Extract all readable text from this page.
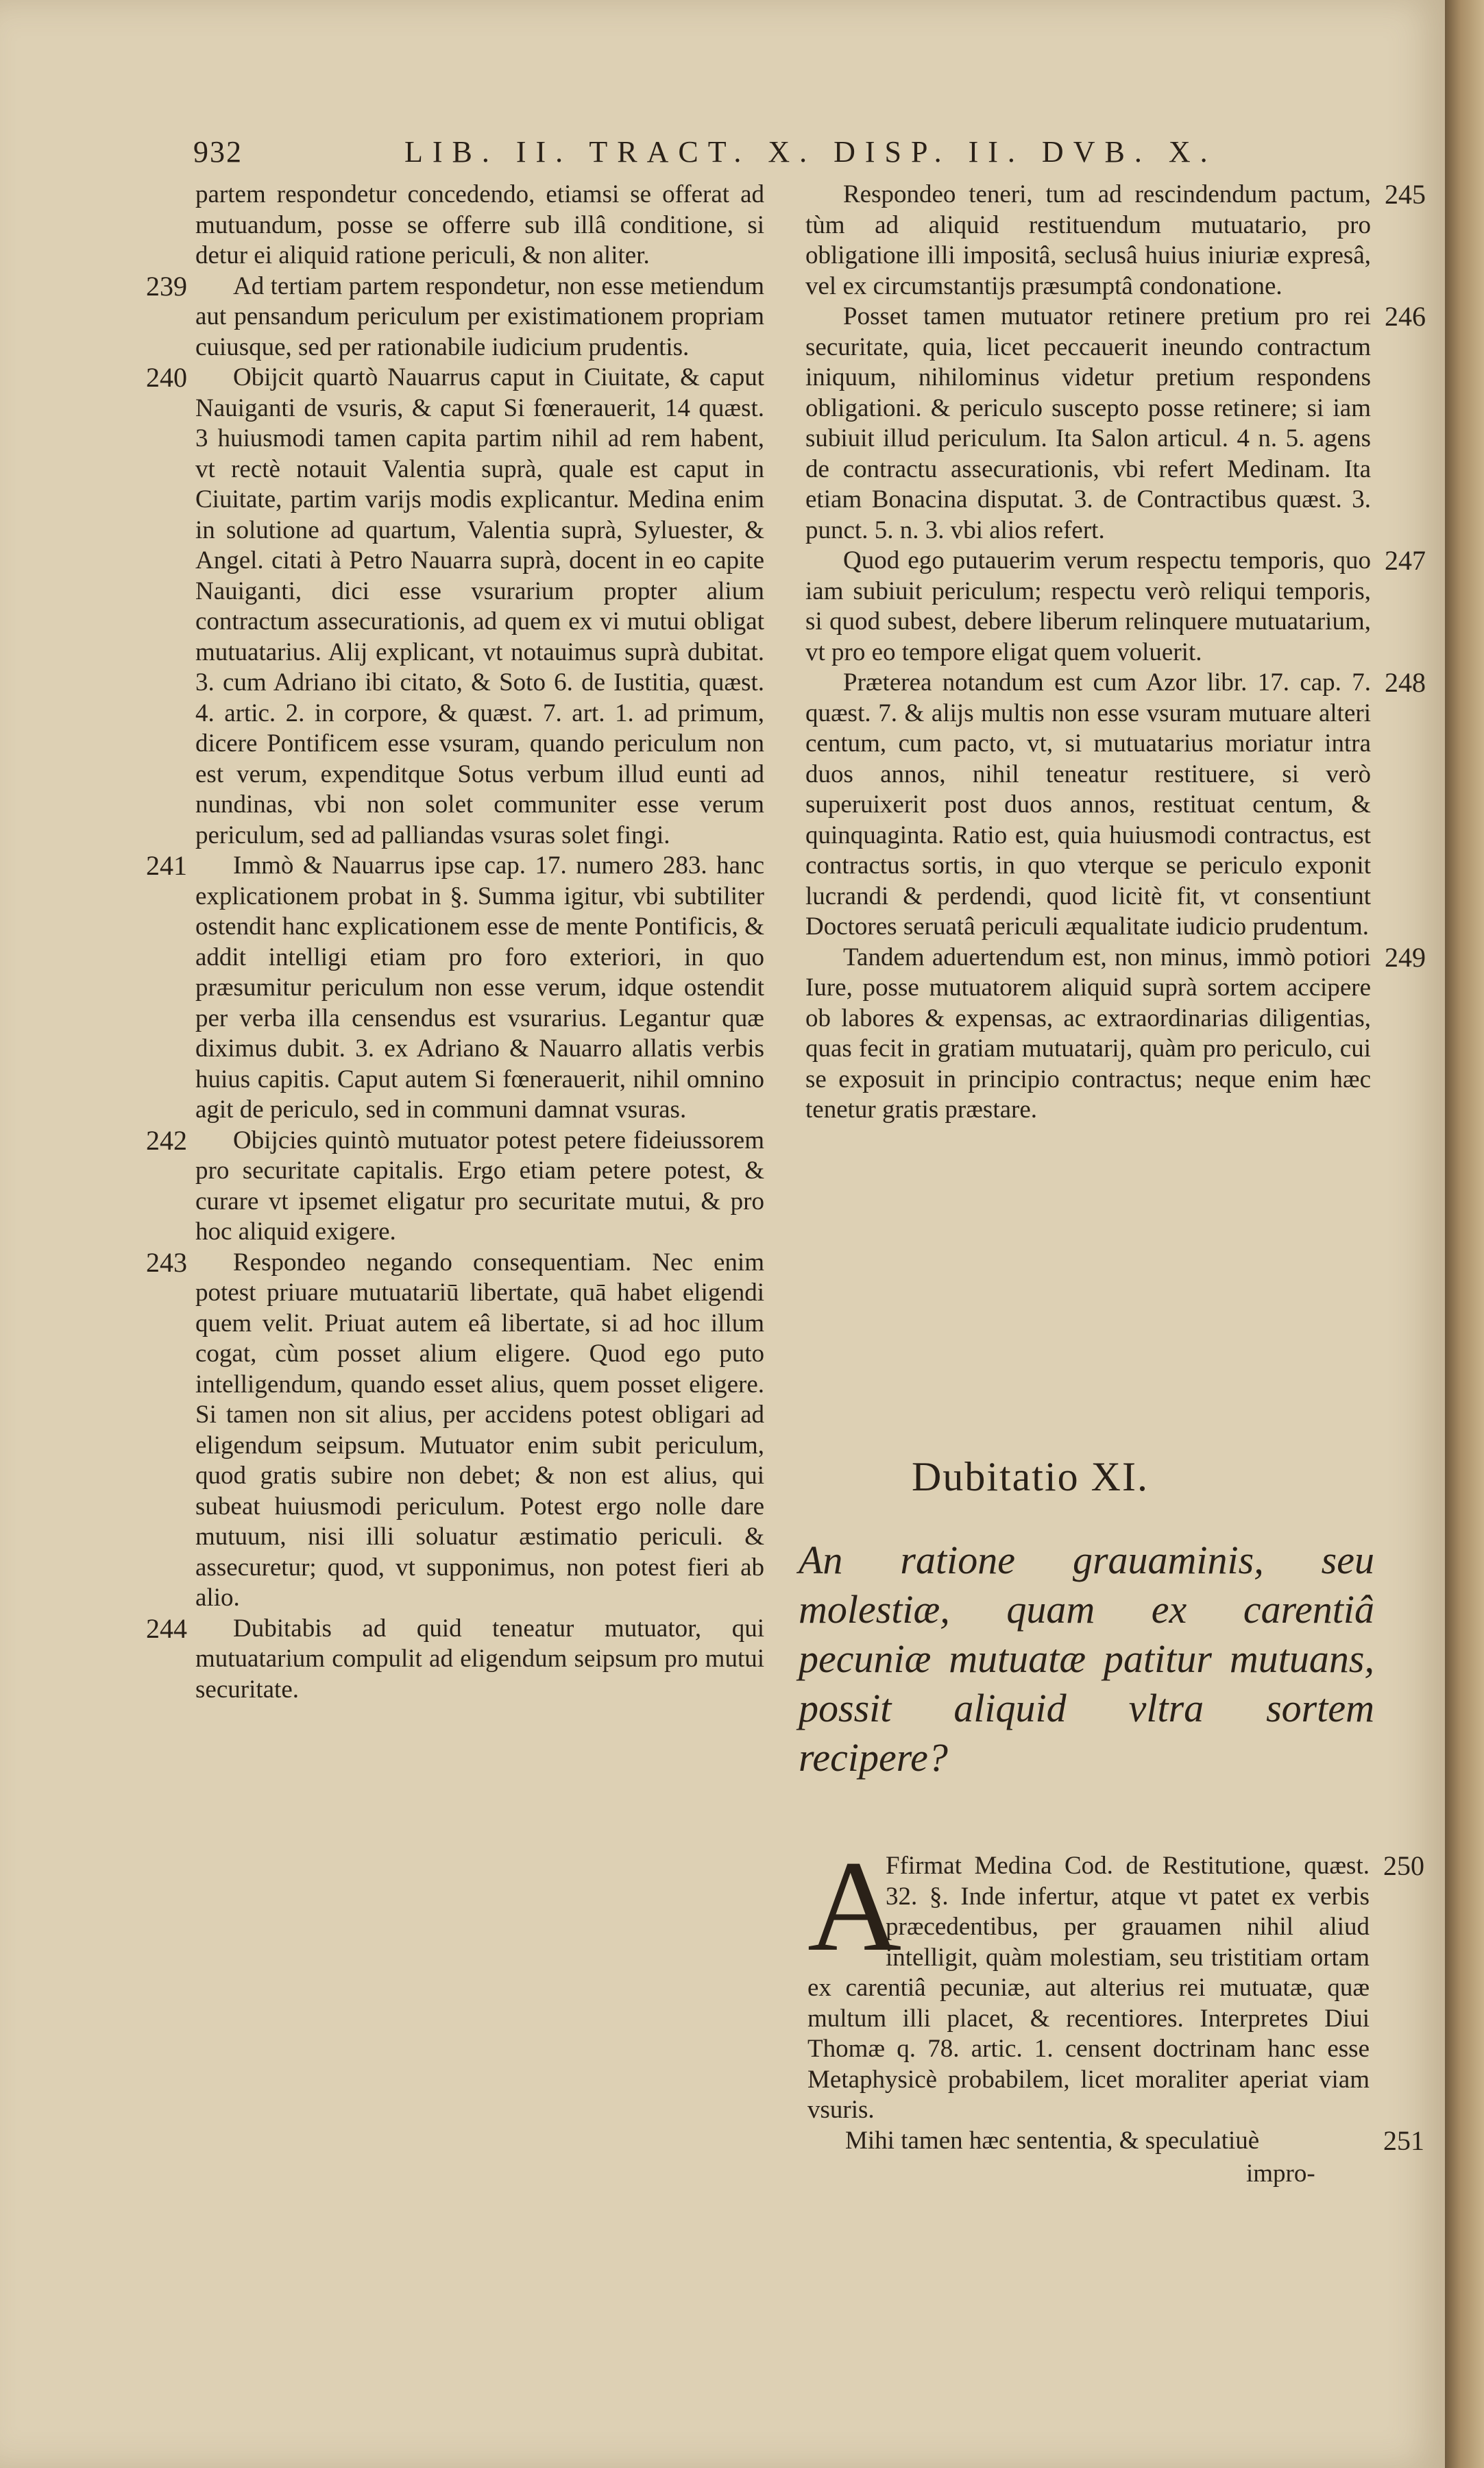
932	LIB. II. TRACT. X. DISP. II. DVB. X.

partem respondetur concedendo, etiamsi se offerat ad mutuandum, posse se offerre sub illâ conditione, si detur ei aliquid ratione periculi, & non aliter.

239	Ad tertiam partem respondetur, non esse metiendum aut pensandum periculum per existimationem propriam cuiusque, sed per rationabile iudicium prudentis.

240	Obijcit quartò Nauarrus caput in Ciuitate, & caput Nauiganti de vsuris, & caput Si fœnerauerit, 14 quæst. 3 huiusmodi tamen capita partim nihil ad rem habent, vt rectè notauit Valentia suprà, quale est caput in Ciuitate, partim varijs modis explicantur. Medina enim in solutione ad quartum, Valentia suprà, Syluester, & Angel. citati à Petro Nauarra suprà, docent in eo capite Nauiganti, dici esse vsurarium propter alium contractum assecurationis, ad quem ex vi mutui obligat mutuatarius. Alij explicant, vt notauimus suprà dubitat. 3. cum Adriano ibi citato, & Soto 6. de Iustitia, quæst. 4. artic. 2. in corpore, & quæst. 7. art. 1. ad primum, dicere Pontificem esse vsuram, quando periculum non est verum, expenditque Sotus verbum illud eunti ad nundinas, vbi non solet communiter esse verum periculum, sed ad palliandas vsuras solet fingi.

241	Immò & Nauarrus ipse cap. 17. numero 283. hanc explicationem probat in §. Summa igitur, vbi subtiliter ostendit hanc explicationem esse de mente Pontificis, & addit intelligi etiam pro foro exteriori, in quo præsumitur periculum non esse verum, idque ostendit per verba illa censendus est vsurarius. Legantur quæ diximus dubit. 3. ex Adriano & Nauarro allatis verbis huius capitis. Caput autem Si fœnerauerit, nihil omnino agit de periculo, sed in communi damnat vsuras.

242	Obijcies quintò mutuator potest petere fideiussorem pro securitate capitalis. Ergo etiam petere potest, & curare vt ipsemet eligatur pro securitate mutui, & pro hoc aliquid exigere.

243	Respondeo negando consequentiam. Nec enim potest priuare mutuatariū libertate, quā habet eligendi quem velit. Priuat autem eâ libertate, si ad hoc illum cogat, cùm posset alium eligere. Quod ego puto intelligendum, quando esset alius, quem posset eligere. Si tamen non sit alius, per accidens potest obligari ad eligendum seipsum. Mutuator enim subit periculum, quod gratis subire non debet; & non est alius, qui subeat huiusmodi periculum. Potest ergo nolle dare mutuum, nisi illi soluatur æstimatio periculi. & assecuretur; quod, vt supponimus, non potest fieri ab alio.

244	Dubitabis ad quid teneatur mutuator, qui mutuatarium compulit ad eligendum seipsum pro mutui securitate.

245

Respondeo teneri, tum ad rescindendum pactum, tùm ad aliquid restituendum mutuatario, pro obligatione illi impositâ, seclusâ huius iniuriæ expresâ, vel ex circumstantijs præsumptâ condonatione.

246

Posset tamen mutuator retinere pretium pro rei securitate, quia, licet peccauerit ineundo contractum iniquum, nihilominus videtur pretium respondens obligationi. & periculo suscepto posse retinere; si iam subiuit illud periculum. Ita Salon articul. 4 n. 5. agens de contractu assecurationis, vbi refert Medinam. Ita etiam Bonacina disputat. 3. de Contractibus quæst. 3. punct. 5. n. 3. vbi alios refert.

247

Quod ego putauerim verum respectu temporis, quo iam subiuit periculum; respectu verò reliqui temporis, si quod subest, debere liberum relinquere mutuatarium, vt pro eo tempore eligat quem voluerit.

248

Præterea notandum est cum Azor libr. 17. cap. 7. quæst. 7. & alijs multis non esse vsuram mutuare alteri centum, cum pacto, vt, si mutuatarius moriatur intra duos annos, nihil teneatur restituere, si verò superuixerit post duos annos, restituat centum, & quinquaginta. Ratio est, quia huiusmodi contractus, est contractus sortis, in quo vterque se periculo exponit lucrandi & perdendi, quod licitè fit, vt consentiunt Doctores seruatâ periculi æqualitate iudicio prudentum.

249

Tandem aduertendum est, non minus, immò potiori Iure, posse mutuatorem aliquid suprà sortem accipere ob labores & expensas, ac extraordinarias diligentias, quas fecit in gratiam mutuatarij, quàm pro periculo, cui se exposuit in principio contractus; neque enim hæc tenetur gratis præstare.

Dubitatio XI.
An ratione grauaminis, seu molestiæ, quam ex carentiâ pecuniæ mutuatæ patitur mutuans, possit aliquid vltra sortem recipere?
250

A
Ffirmat Medina Cod. de Restitutione, quæst. 32. §. Inde infertur, atque vt patet ex verbis præcedentibus, per grauamen nihil aliud intelligit, quàm molestiam, seu tristitiam ortam ex carentiâ pecuniæ, aut alterius rei mutuatæ, quæ multum illi placet, & recentiores. Interpretes Diui Thomæ q. 78. artic. 1. censent doctrinam hanc esse Metaphysicè probabilem, licet moraliter aperiat viam vsuris.

251

Mihi tamen hæc sententia, & speculatiuè

impro-
